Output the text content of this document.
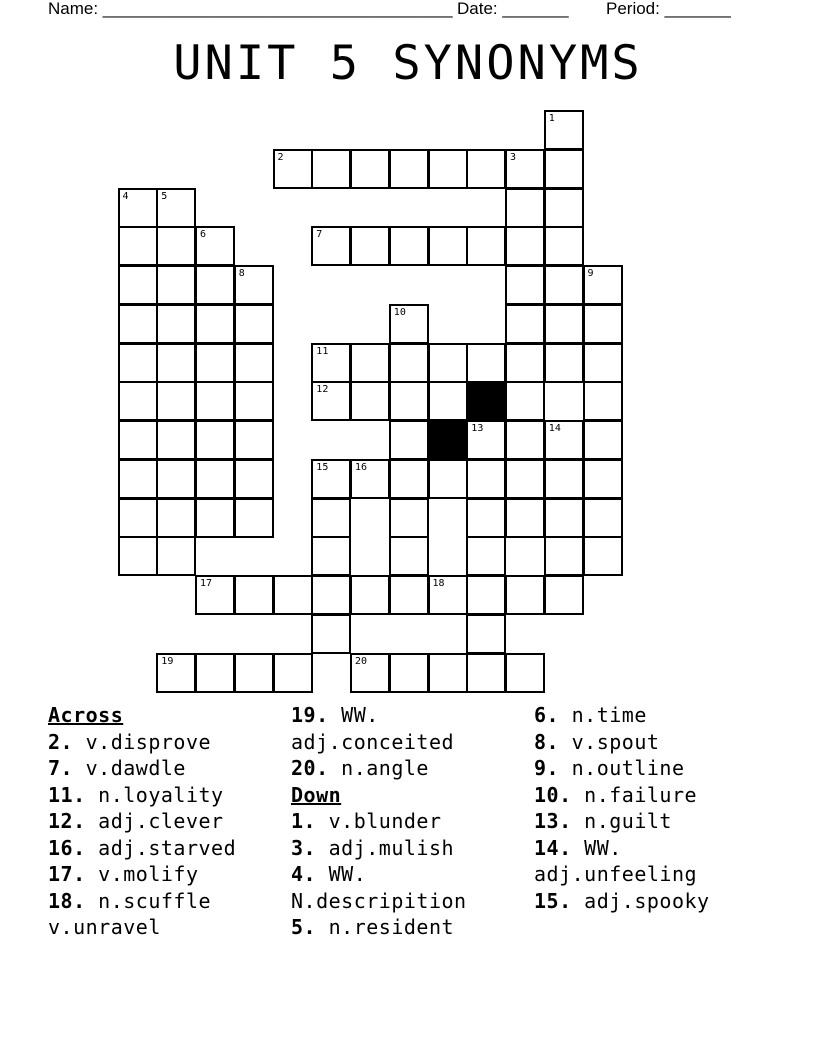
Name: _____________________________________ Date: _______ Period: _______
UNIT 5 SYNONYMS
1
2	3
4	5
6	7
8	9
10
11
12
13	14
15	16
17	18
19	20
Across
2. v.disprove
7. v.dawdle
11. n.loyality
12. adj.clever
16. adj.starved
17. v.molify
18. n.scuffle
v.unravel
19. WW.
adj.conceited
20. n.angle
Down
1. v.blunder
3. adj.mulish
4. WW.
N.descripition
5. n.resident
6. n.time
8. v.spout
9. n.outline
10. n.failure
13. n.guilt
14. WW.
adj.unfeeling
15. adj.spooky
